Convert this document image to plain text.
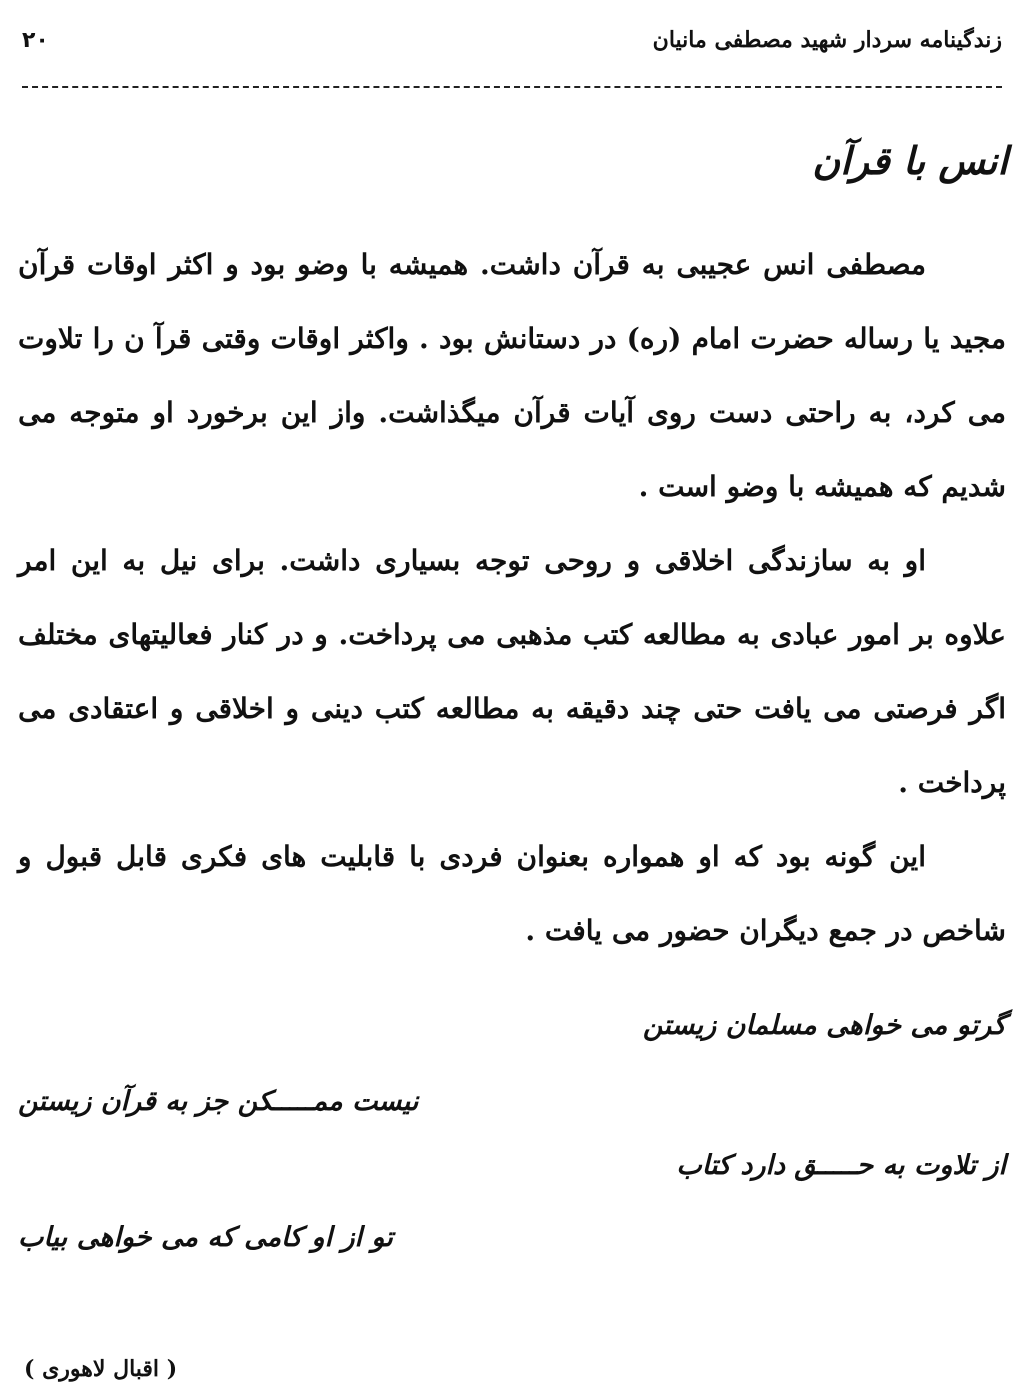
۲۰	زندگینامه سردار شهید مصطفی مانیان
انس با قرآن

مصطفی انس عجیبی به قرآن داشت. همیشه با وضو بود و اکثر اوقات قرآن مجید یا رساله حضرت امام (ره) در دستانش بود . واکثر اوقات وقتی قرآ ن را تلاوت می کرد، به راحتی دست روی آیات قرآن میگذاشت. واز این برخورد او متوجه می شدیم که همیشه با وضو است .

او به سازندگی اخلاقی و روحی توجه بسیاری داشت. برای نیل به این امر علاوه بر امور عبادی به مطالعه کتب مذهبی می پرداخت. و در کنار فعالیتهای مختلف اگر فرصتی می یافت حتی چند دقیقه به مطالعه کتب دینی و اخلاقی و اعتقادی می پرداخت .

این گونه بود که او همواره بعنوان فردی با قابلیت های فکری قابل قبول و شاخص در جمع دیگران حضور می یافت .

گرتو می خواهی مسلمان زیستن
نیست ممـــــکن جز به قرآن زیستن
از تلاوت به حـــــق دارد کتاب
تو از او کامی که می خواهی بیاب
( اقبال لاهوری )
